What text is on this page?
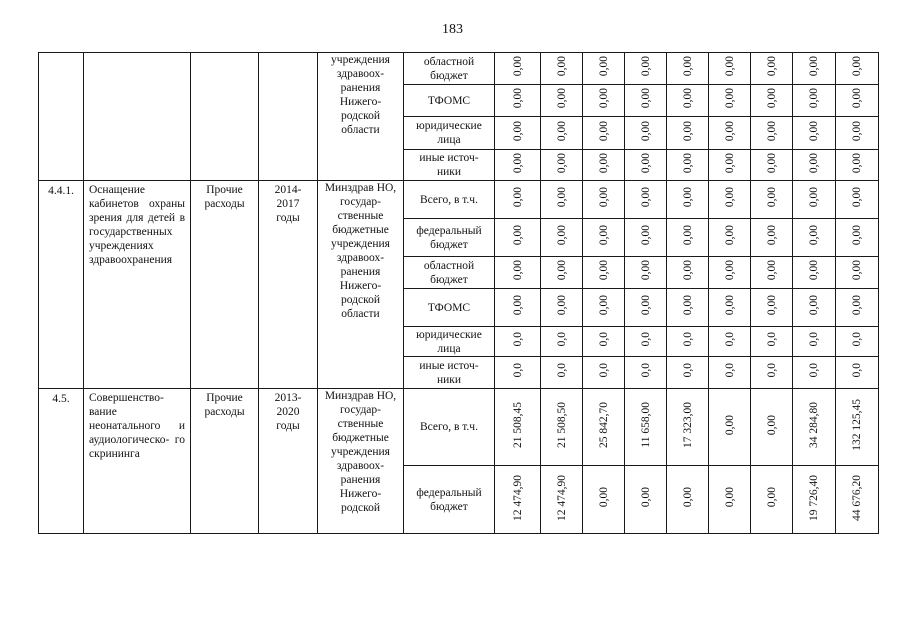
183
				учреждения здравоох- ранения Нижего- родской области	областной бюджет	0,00	0,00	0,00	0,00	0,00	0,00	0,00	0,00	0,00
					ТФОМС	0,00	0,00	0,00	0,00	0,00	0,00	0,00	0,00	0,00
					юридические лица	0,00	0,00	0,00	0,00	0,00	0,00	0,00	0,00	0,00
					иные источ- ники	0,00	0,00	0,00	0,00	0,00	0,00	0,00	0,00	0,00
4.4.1.	Оснащение кабинетов охраны зрения для детей в государственных учреждениях здравоохранения	Прочие расходы	2014- 2017 годы	Минздрав НО, государ- ственные бюджетные учреждения здравоох- ранения Нижего- родской области	Всего, в т.ч.	0,00	0,00	0,00	0,00	0,00	0,00	0,00	0,00	0,00
					федеральный бюджет	0,00	0,00	0,00	0,00	0,00	0,00	0,00	0,00	0,00
					областной бюджет	0,00	0,00	0,00	0,00	0,00	0,00	0,00	0,00	0,00
					ТФОМС	0,00	0,00	0,00	0,00	0,00	0,00	0,00	0,00	0,00
					юридические лица	0,0	0,0	0,0	0,0	0,0	0,0	0,0	0,0	0,0
					иные источ- ники	0,0	0,0	0,0	0,0	0,0	0,0	0,0	0,0	0,0
4.5.	Совершенство- вание неонатального и аудиологическо- го скрининга	Прочие расходы	2013- 2020 годы	Минздрав НО, государ- ственные бюджетные учреждения здравоох- ранения Нижего- родской	Всего, в т.ч.	21 508,45	21 508,50	25 842,70	11 658,00	17 323,00	0,00	0,00	34 284,80	132 125,45
					федеральный бюджет	12 474,90	12 474,90	0,00	0,00	0,00	0,00	0,00	19 726,40	44 676,20
